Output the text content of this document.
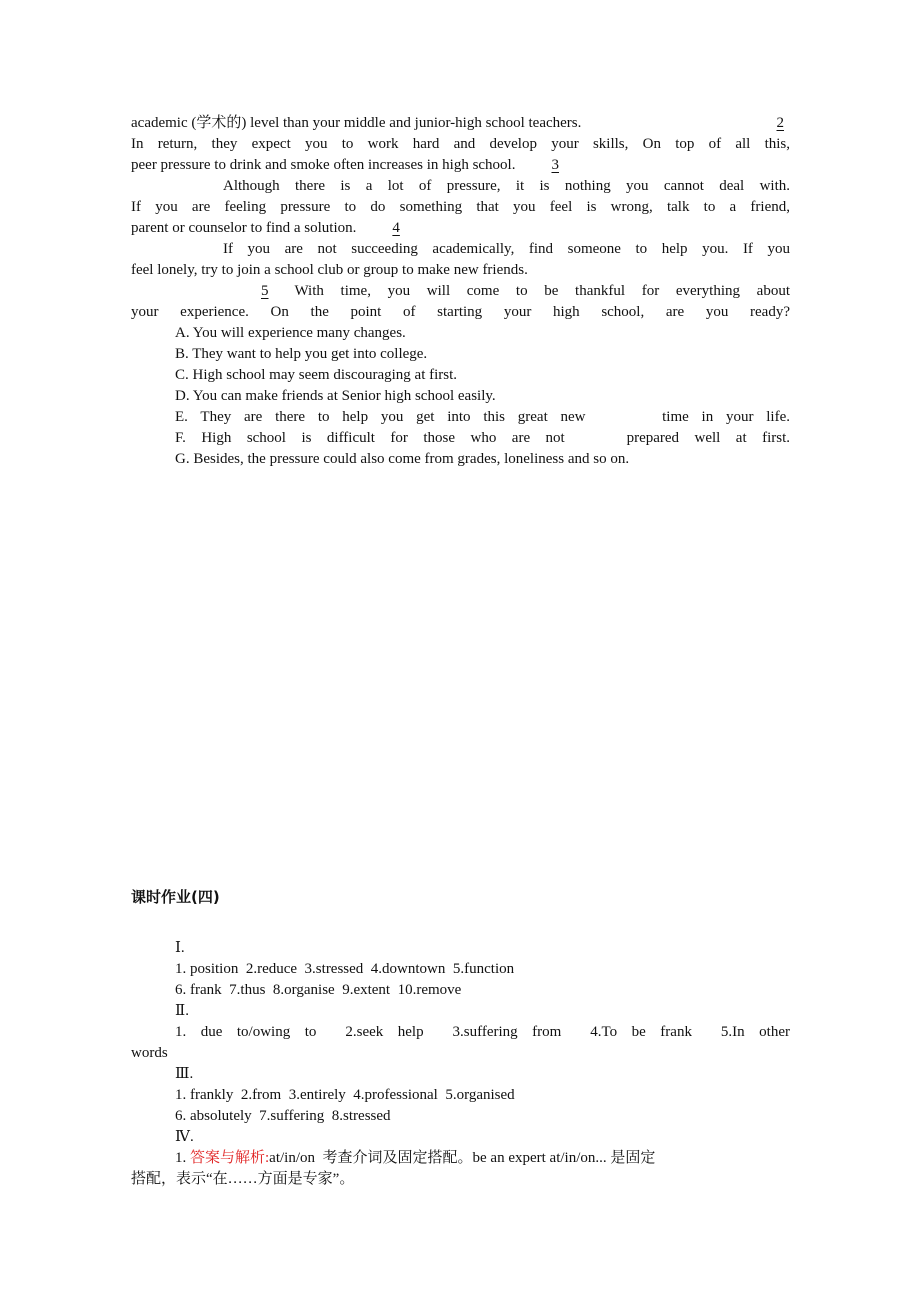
academic (学术的) level than your middle and junior-high school teachers.	2
In return, they expect you to work hard and develop your skills, On top of all this,
peer pressure to drink and smoke often increases in high school. 3
Although there is a lot of pressure, it is nothing you cannot deal with.
If you are feeling pressure to do something that you feel is wrong, talk to a friend,
parent or counselor to find a solution. 4
If you are not succeeding academically, find someone to help you. If you
feel lonely, try to join a school club or group to make new friends.
5	With time, you will come to be thankful for everything about
your experience. On the point of starting your high school, are you ready?
A. You will experience many changes.
B. They want to help you get into college.
C. High school may seem discouraging at first.
D. You can make friends at Senior high school easily.
E. They are there to help you get into this great new      time in your life.
F. High school is difficult for those who are not    prepared well at first.
G. Besides, the pressure could also come from grades, loneliness and so on.
课时作业(四)
Ⅰ.
1. position  2.reduce  3.stressed  4.downtown  5.function
6. frank  7.thus  8.organise  9.extent  10.remove
Ⅱ.
1. due to/owing to  2.seek help  3.suffering from  4.To be frank  5.In other
words
Ⅲ.
1. frankly  2.from  3.entirely  4.professional  5.organised
6. absolutely  7.suffering  8.stressed
Ⅳ.
1. 答案与解析:at/in/on  考查介词及固定搭配。be an expert at/in/on... 是固定
搭配，表示“在……方面是专家”。
